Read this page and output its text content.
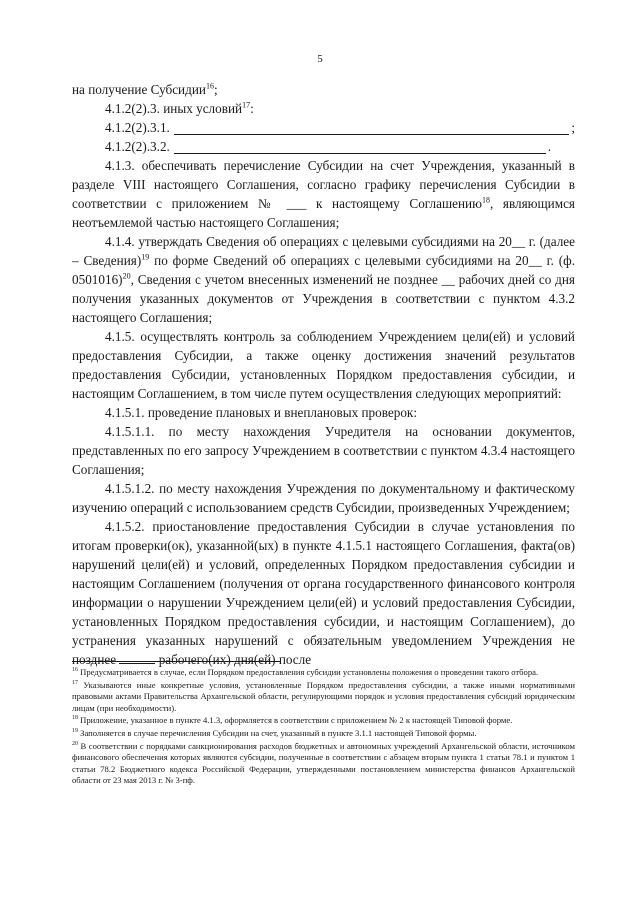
5

на получение Субсидии$^{16}$;

4.1.2(2).3. иных условий$^{17}$:

4.1.2(2).3.1.	;
4.1.2(2).3.2.	.

4.1.3. обеспечивать перечисление Субсидии на счет Учреждения, указанный в разделе VIII настоящего Соглашения, согласно графику перечисления Субсидии в соответствии с приложением № ___ к настоящему Соглашению$^{18}$, являющимся неотъемлемой частью настоящего Соглашения;

4.1.4. утверждать Сведения об операциях с целевыми субсидиями на 20__ г. (далее – Сведения)$^{19}$ по форме Сведений об операциях с целевыми субсидиями на 20__ г. (ф. 0501016)$^{20}$, Сведения с учетом внесенных изменений не позднее __ рабочих дней со дня получения указанных документов от Учреждения в соответствии с пунктом 4.3.2 настоящего Соглашения;

4.1.5. осуществлять контроль за соблюдением Учреждением цели(ей) и условий предоставления Субсидии, а также оценку достижения значений результатов предоставления Субсидии, установленных Порядком предоставления субсидии, и настоящим Соглашением, в том числе путем осуществления следующих мероприятий:

4.1.5.1. проведение плановых и внеплановых проверок:

4.1.5.1.1. по месту нахождения Учредителя на основании документов, представленных по его запросу Учреждением в соответствии с пунктом 4.3.4 настоящего Соглашения;

4.1.5.1.2. по месту нахождения Учреждения по документальному и фактическому изучению операций с использованием средств Субсидии, произведенных Учреждением;

4.1.5.2. приостановление предоставления Субсидии в случае установления по итогам проверки(ок), указанной(ых) в пункте 4.1.5.1 настоящего Соглашения, факта(ов) нарушений цели(ей) и условий, определенных Порядком предоставления субсидии и настоящим Соглашением (получения от органа государственного финансового контроля информации о нарушении Учреждением цели(ей) и условий предоставления Субсидии, установленных Порядком предоставления субсидии, и настоящим Соглашением), до устранения указанных нарушений с обязательным уведомлением Учреждения не позднее	рабочего(их) дня(ей) после

$^{16}$ Предусматривается в случае, если Порядком предоставления субсидии установлены положения о проведении такого отбора.

$^{17}$ Указываются иные конкретные условия, установленные Порядком предоставления субсидии, а также иными нормативными правовыми актами Правительства Архангельской области, регулирующими порядок и условия предоставления субсидий юридическим лицам (при необходимости).

$^{18}$ Приложение, указанное в пункте 4.1.3, оформляется в соответствии с приложением № 2 к настоящей Типовой форме.

$^{19}$ Заполняется в случае перечисления Субсидии на счет, указанный в пункте 3.1.1 настоящей Типовой формы.

$^{20}$ В соответствии с порядками санкционирования расходов бюджетных и автономных учреждений Архангельской области, источником финансового обеспечения которых являются субсидии, полученные в соответствии с абзацем вторым пункта 1 статьи 78.1 и пунктом 1 статьи 78.2 Бюджетного кодекса Российской Федерации, утвержденными постановлением министерства финансов Архангельской области от 23 мая 2013 г. № 3-пф.
